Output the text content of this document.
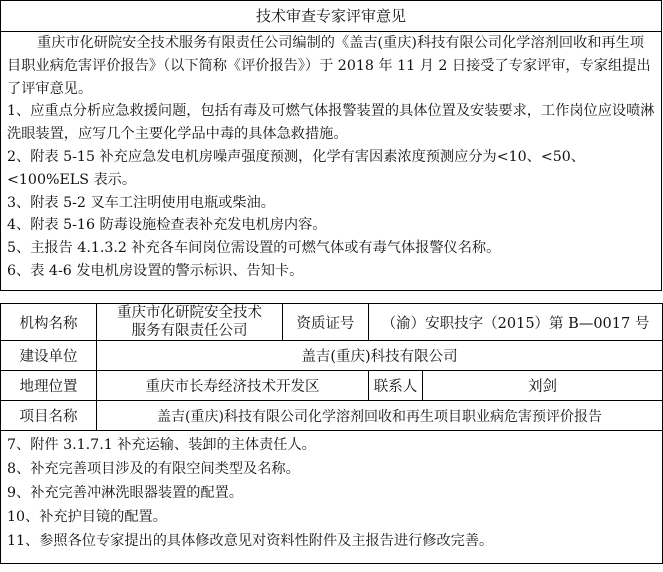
技术审查专家评审意见

重庆市化研院安全技术服务有限责任公司编制的《盖吉(重庆)科技有限公司化学溶剂回收和再生项目职业病危害评价报告》（以下简称《评价报告》）于 2018 年 11 月 2 日接受了专家评审，专家组提出了评审意见。

1、应重点分析应急救援问题，包括有毒及可燃气体报警装置的具体位置及安装要求，工作岗位应设喷淋洗眼装置，应写几个主要化学品中毒的具体急救措施。

2、附表 5-15 补充应急发电机房噪声强度预测，化学有害因素浓度预测应分为<10、<50、<100%ELS 表示。

3、附表 5-2 叉车工注明使用电瓶或柴油。

4、附表 5-16 防毒设施检查表补充发电机房内容。

5、主报告 4.1.3.2 补充各车间岗位需设置的可燃气体或有毒气体报警仪名称。

6、表 4-6 发电机房设置的警示标识、告知卡。

机构名称	重庆市化研院安全技术
服务有限责任公司	资质证号	（渝）安职技字（2015）第 B—0017 号	
建设单位	盖吉(重庆)科技有限公司			
地理位置	重庆市长寿经济技术开发区		联系人	刘剑
项目名称	盖吉(重庆)科技有限公司化学溶剂回收和再生项目职业病危害预评价报告			

7、附件 3.1.7.1 补充运输、装卸的主体责任人。

8、补充完善项目涉及的有限空间类型及名称。

9、补充完善冲淋洗眼器装置的配置。

10、补充护目镜的配置。

11、参照各位专家提出的具体修改意见对资料性附件及主报告进行修改完善。				
